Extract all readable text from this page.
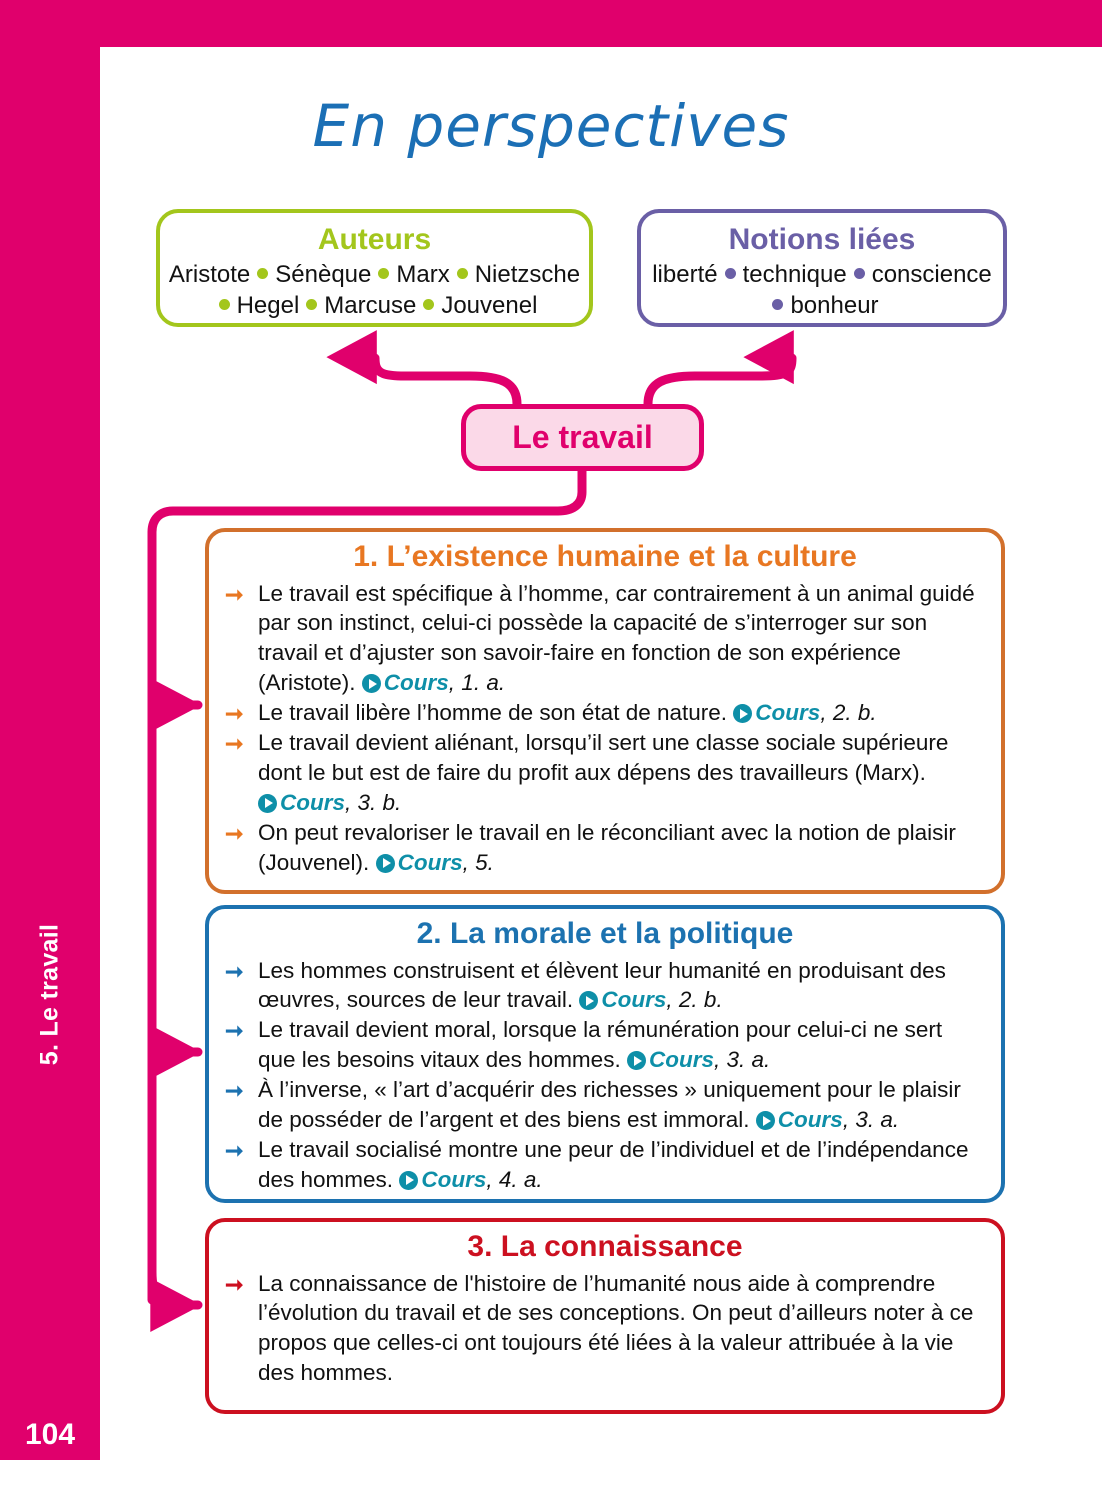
5. Le travail
104
En perspectives
Auteurs
Aristote Sénèque Marx Nietzsche
Hegel Marcuse Jouvenel
Notions liées
liberté technique conscience
bonheur
Le travail
1. L’existence humaine et la culture
➞ Le travail est spécifique à l’homme, car contrairement à un animal guidé par son instinct, celui-ci possède la capacité de s’interroger sur son travail et d’ajuster son savoir-faire en fonction de son expérience (Aristote). Cours, 1. a.
➞ Le travail libère l’homme de son état de nature. Cours, 2. b.
➞ Le travail devient aliénant, lorsqu’il sert une classe sociale supérieure dont le but est de faire du profit aux dépens des travailleurs (Marx). Cours, 3. b.
➞ On peut revaloriser le travail en le réconciliant avec la notion de plaisir (Jouvenel). Cours, 5.
2. La morale et la politique
➞ Les hommes construisent et élèvent leur humanité en produisant des œuvres, sources de leur travail. Cours, 2. b.
➞ Le travail devient moral, lorsque la rémunération pour celui-ci ne sert que les besoins vitaux des hommes. Cours, 3. a.
➞ À l’inverse, « l’art d’acquérir des richesses » uniquement pour le plaisir de posséder de l’argent et des biens est immoral. Cours, 3. a.
➞ Le travail socialisé montre une peur de l’individuel et de l’indépendance des hommes. Cours, 4. a.
3. La connaissance
➞ La connaissance de l'histoire de l’humanité nous aide à comprendre l’évolution du travail et de ses conceptions. On peut d’ailleurs noter à ce propos que celles-ci ont toujours été liées à la valeur attribuée à la vie des hommes.
